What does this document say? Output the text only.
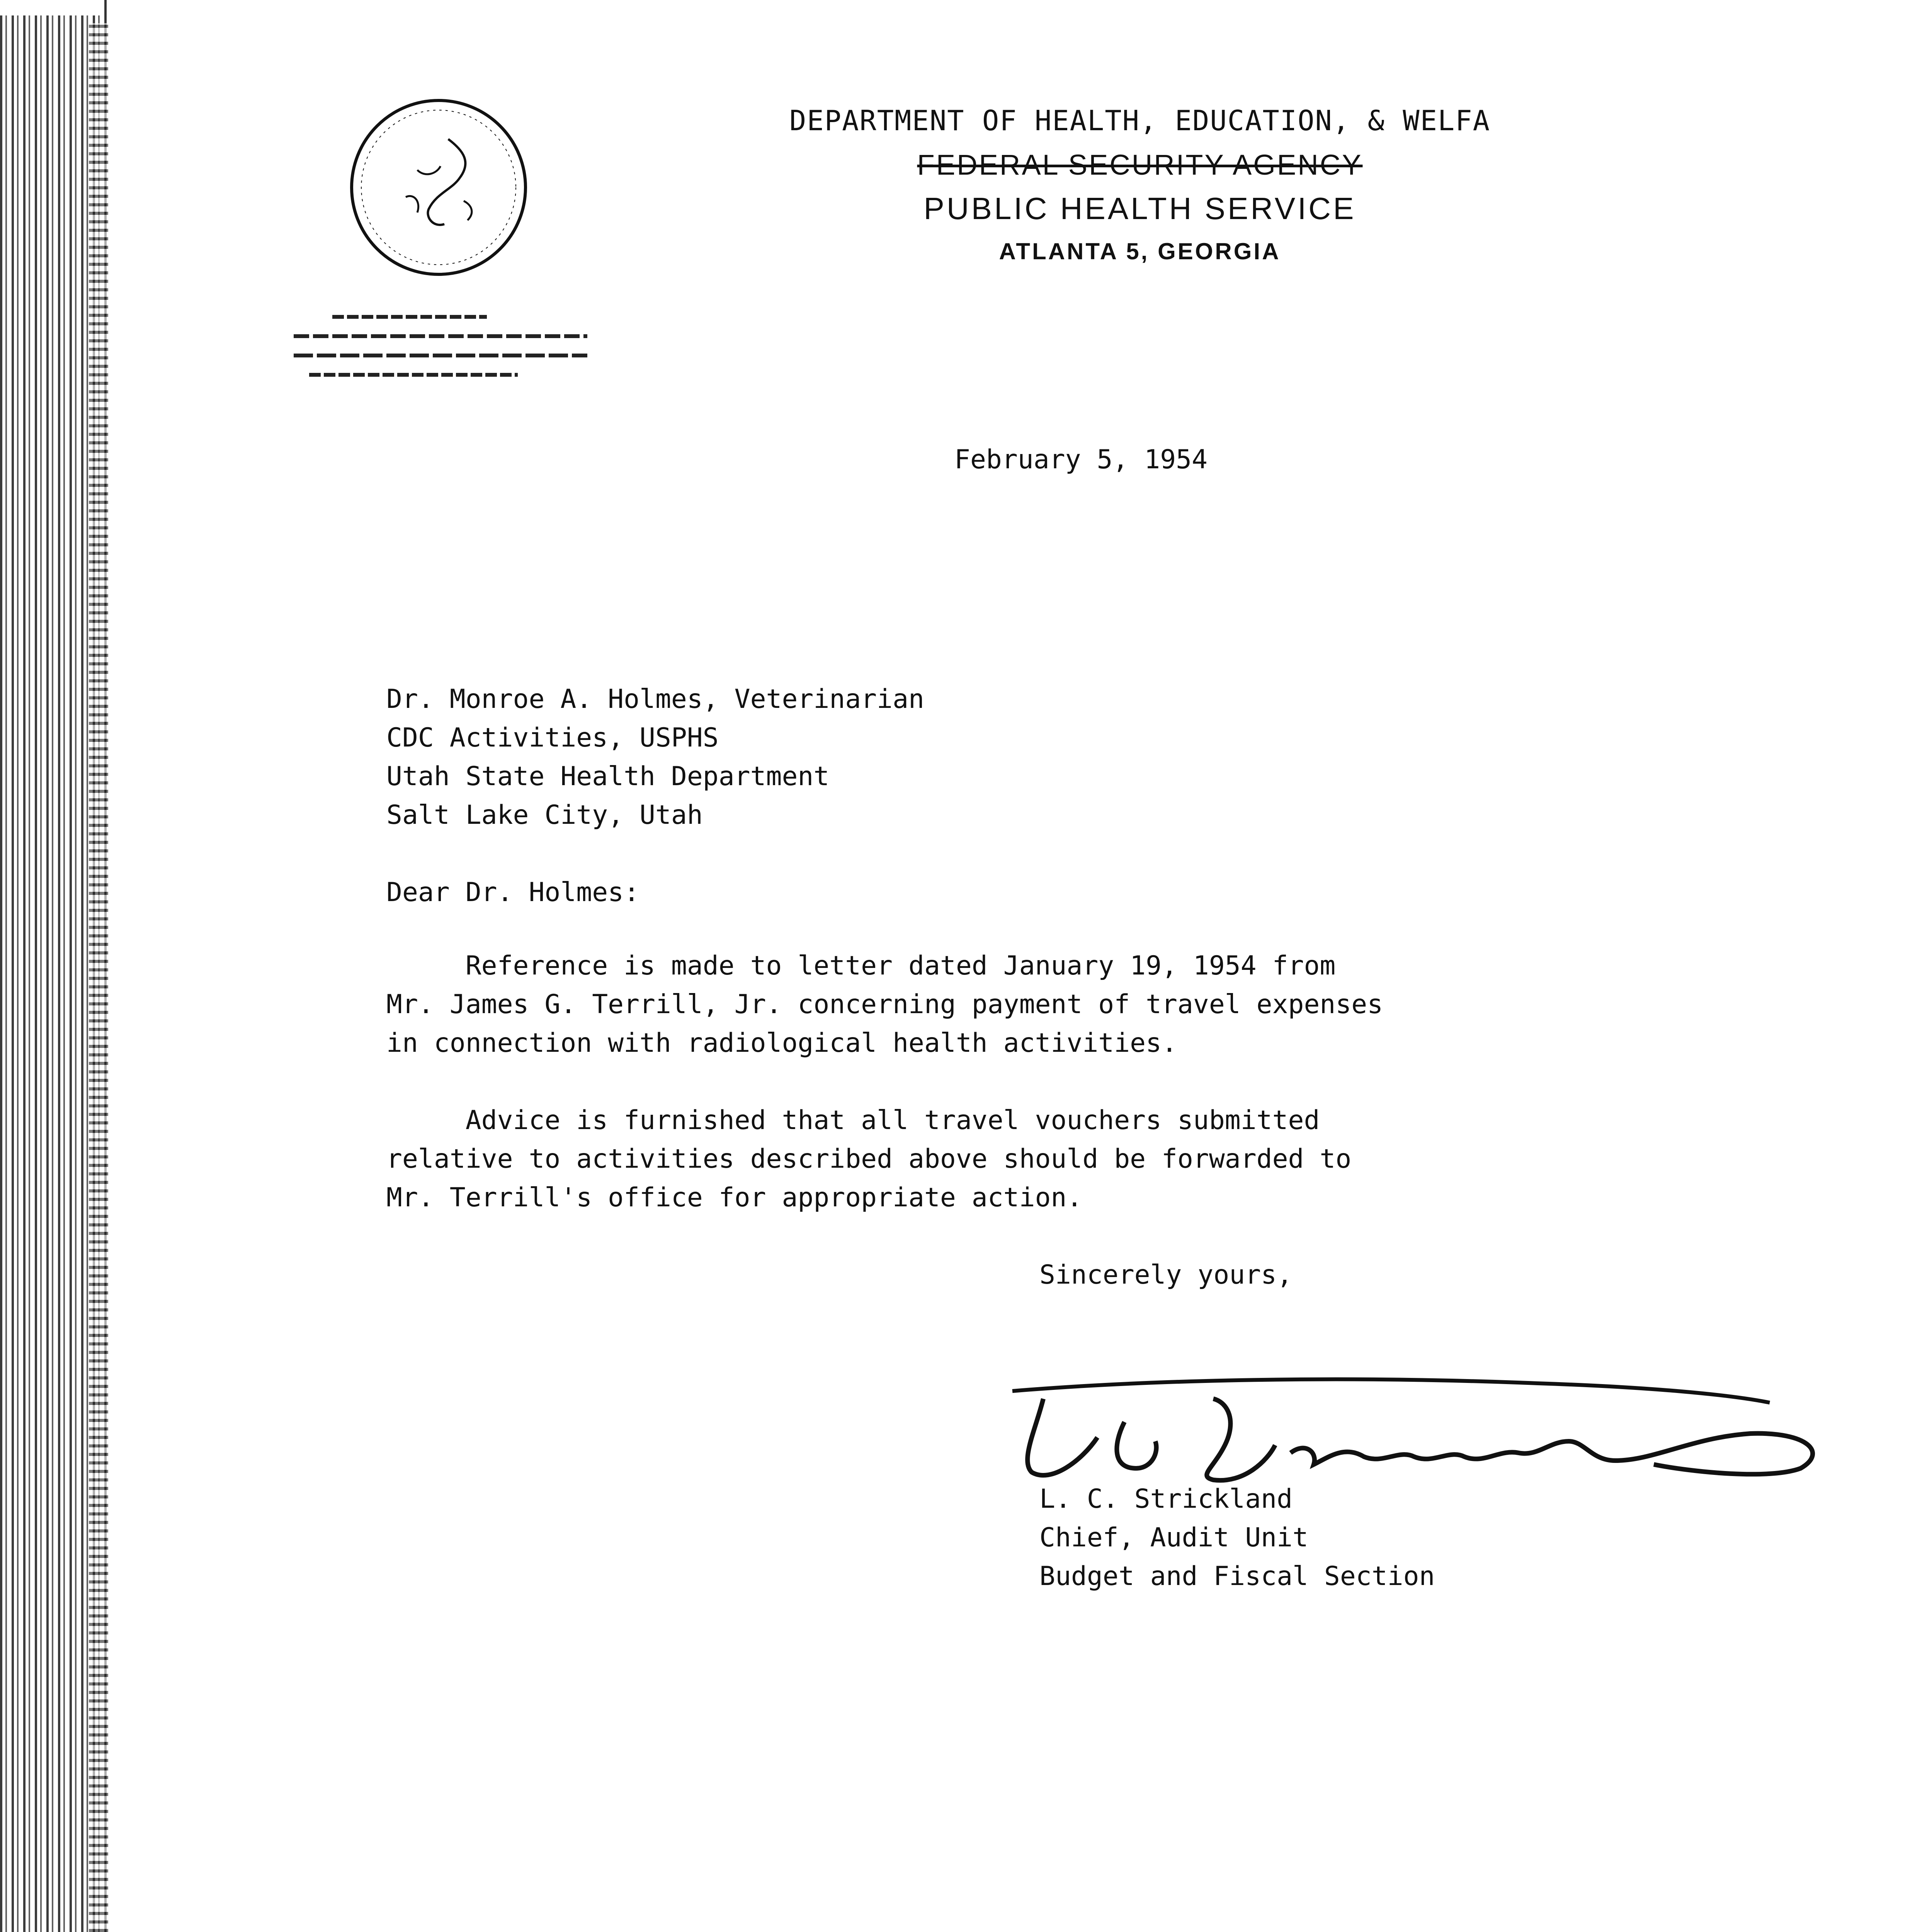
DEPARTMENT OF HEALTH, EDUCATION, & WELFA
FEDERAL SECURITY AGENCY
PUBLIC HEALTH SERVICE
ATLANTA 5, GEORGIA
February 5, 1954
Dr. Monroe A. Holmes, Veterinarian
CDC Activities, USPHS
Utah State Health Department
Salt Lake City, Utah
Dear Dr. Holmes:
Reference is made to letter dated January 19, 1954 from
Mr. James G. Terrill, Jr. concerning payment of travel expenses
in connection with radiological health activities.
Advice is furnished that all travel vouchers submitted
relative to activities described above should be forwarded to
Mr. Terrill's office for appropriate action.
Sincerely yours,
L. C. Strickland
Chief, Audit Unit
Budget and Fiscal Section
